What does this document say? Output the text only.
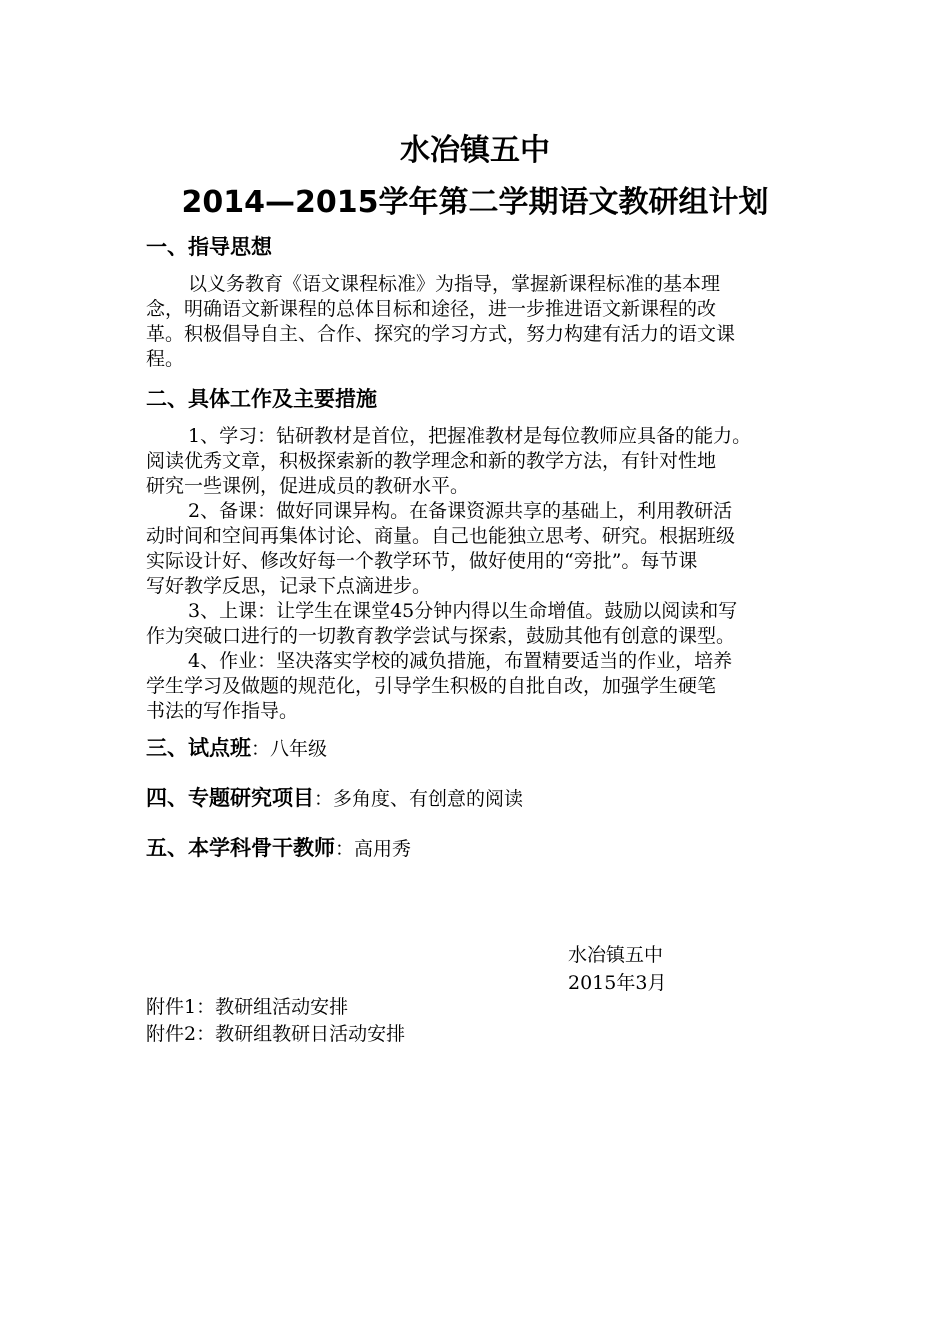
水冶镇五中
2014—2015学年第二学期语文教研组计划
一、指导思想
以义务教育《语文课程标准》为指导，掌握新课程标准的基本理
念，明确语文新课程的总体目标和途径，进一步推进语文新课程的改
革。积极倡导自主、合作、探究的学习方式，努力构建有活力的语文课
程。
二、具体工作及主要措施
1、学习：钻研教材是首位，把握准教材是每位教师应具备的能力。
阅读优秀文章，积极探索新的教学理念和新的教学方法，有针对性地
研究一些课例，促进成员的教研水平。
2、备课：做好同课异构。在备课资源共享的基础上，利用教研活
动时间和空间再集体讨论、商量。自己也能独立思考、研究。根据班级
实际设计好、修改好每一个教学环节，做好使用的“旁批”。每节课
写好教学反思，记录下点滴进步。
3、上课：让学生在课堂45分钟内得以生命增值。鼓励以阅读和写
作为突破口进行的一切教育教学尝试与探索，鼓励其他有创意的课型。
4、作业：坚决落实学校的减负措施，布置精要适当的作业，培养
学生学习及做题的规范化，引导学生积极的自批自改，加强学生硬笔
书法的写作指导。
三、试点班：八年级
四、专题研究项目：多角度、有创意的阅读
五、本学科骨干教师：高用秀
水冶镇五中
2015年3月
附件1：教研组活动安排
附件2：教研组教研日活动安排
